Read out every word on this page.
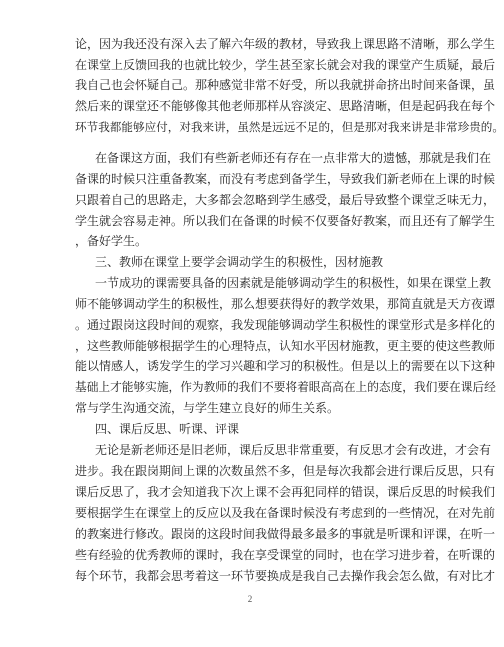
论，因为我还没有深入去了解六年级的教材，导致我上课思路不清晰，那么学生
在课堂上反馈回我的也就比较少，学生甚至家长就会对我的课堂产生质疑，最后
我自己也会怀疑自己。那种感觉非常不好受，所以我就拼命挤出时间来备课，虽
然后来的课堂还不能够像其他老师那样从容淡定、思路清晰，但是起码我在每个
环节我都能够应付，对我来讲，虽然是远远不足的，但是那对我来讲是非常珍贵的。
在备课这方面，我们有些新老师还有存在一点非常大的遗憾，那就是我们在
备课的时候只注重备教案，而没有考虑到备学生，导致我们新老师在上课的时候
只跟着自己的思路走，大多都会忽略到学生感受，最后导致整个课堂乏味无力，
学生就会容易走神。所以我们在备课的时候不仅要备好教案，而且还有了解学生
，备好学生。
三、教师在课堂上要学会调动学生的积极性，因材施教
一节成功的课需要具备的因素就是能够调动学生的积极性，如果在课堂上教
师不能够调动学生的积极性，那么想要获得好的教学效果，那简直就是天方夜谭
。通过跟岗这段时间的观察，我发现能够调动学生积极性的课堂形式是多样化的
，这些教师能够根据学生的心理特点，认知水平因材施教，更主要的使这些教师
能以情感人，诱发学生的学习兴趣和学习的积极性。但是以上的需要在以下这种
基础上才能够实施，作为教师的我们不要将着眼高高在上的态度，我们要在课后经
常与学生沟通交流，与学生建立良好的师生关系。
四、课后反思、听课、评课
无论是新老师还是旧老师，课后反思非常重要，有反思才会有改进，才会有
进步。我在跟岗期间上课的次数虽然不多，但是每次我都会进行课后反思，只有
课后反思了，我才会知道我下次上课不会再犯同样的错误，课后反思的时候我们
要根据学生在课堂上的反应以及我在备课时候没有考虑到的一些情况，在对先前
的教案进行修改。跟岗的这段时间我做得最多最多的事就是听课和评课，在听一
些有经验的优秀教师的课时，我在享受课堂的同时，也在学习进步着，在听课的
每个环节，我都会思考着这一环节要换成是我自己去操作我会怎么做，有对比才
2
